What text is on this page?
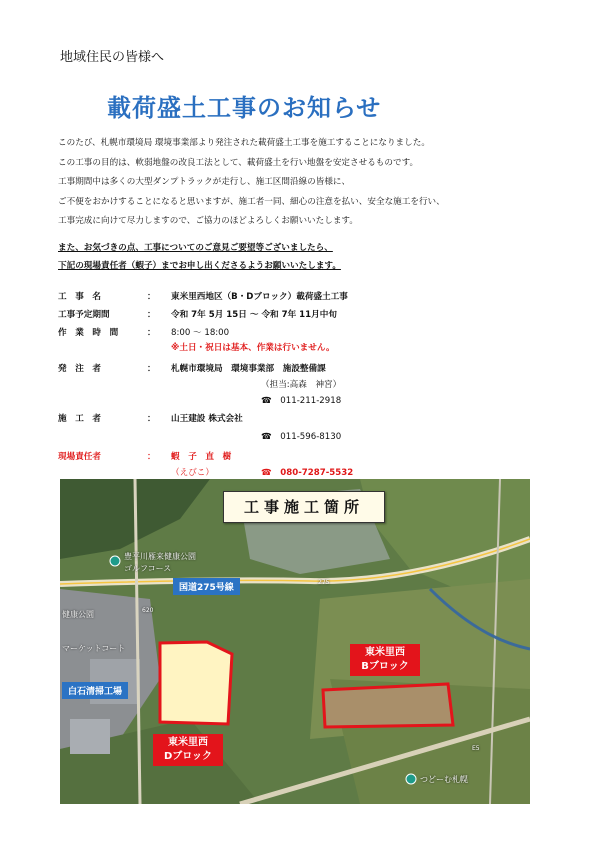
地域住民の皆様へ
載荷盛土工事のお知らせ
このたび、札幌市環境局 環境事業部より発注された載荷盛土工事を施工することになりました。
この工事の目的は、軟弱地盤の改良工法として、載荷盛土を行い地盤を安定させるものです。
工事期間中は多くの大型ダンプトラックが走行し、施工区間沿線の皆様に、
ご不便をおかけすることになると思いますが、施工者一同、細心の注意を払い、安全な施工を行い、
工事完成に向けて尽力しますので、ご協力のほどよろしくお願いいたします。
また、お気づきの点、工事についてのご意見ご要望等ございましたら、
下記の現場責任者（蝦子）までお申し出くださるようお願いいたします。
工　事　名	： 東米里西地区（B・Dブロック）載荷盛土工事
工事予定期間	： 令和 7年 5月 15日 ～ 令和 7年 11月中旬
作　業　時　間	： 8:00 ～ 18:00
※土日・祝日は基本、作業は行いません。
発　注　者	： 札幌市環境局　環境事業部　施設整備課
（担当:高森　神宮）
☎　011-211-2918
施　工　者	： 山王建設 株式会社
☎　011-596-8130
現場責任者	： 蝦　子　直　樹
（えびこ）	☎　080-7287-5532
工事施工箇所
豊平川雁来健康公園
ゴルフコース
健康公園
マーケットコート
つどーむ札幌
275
620
E5
国道275号線
白石清掃工場
東米里西
Bブロック
東米里西
Dブロック
